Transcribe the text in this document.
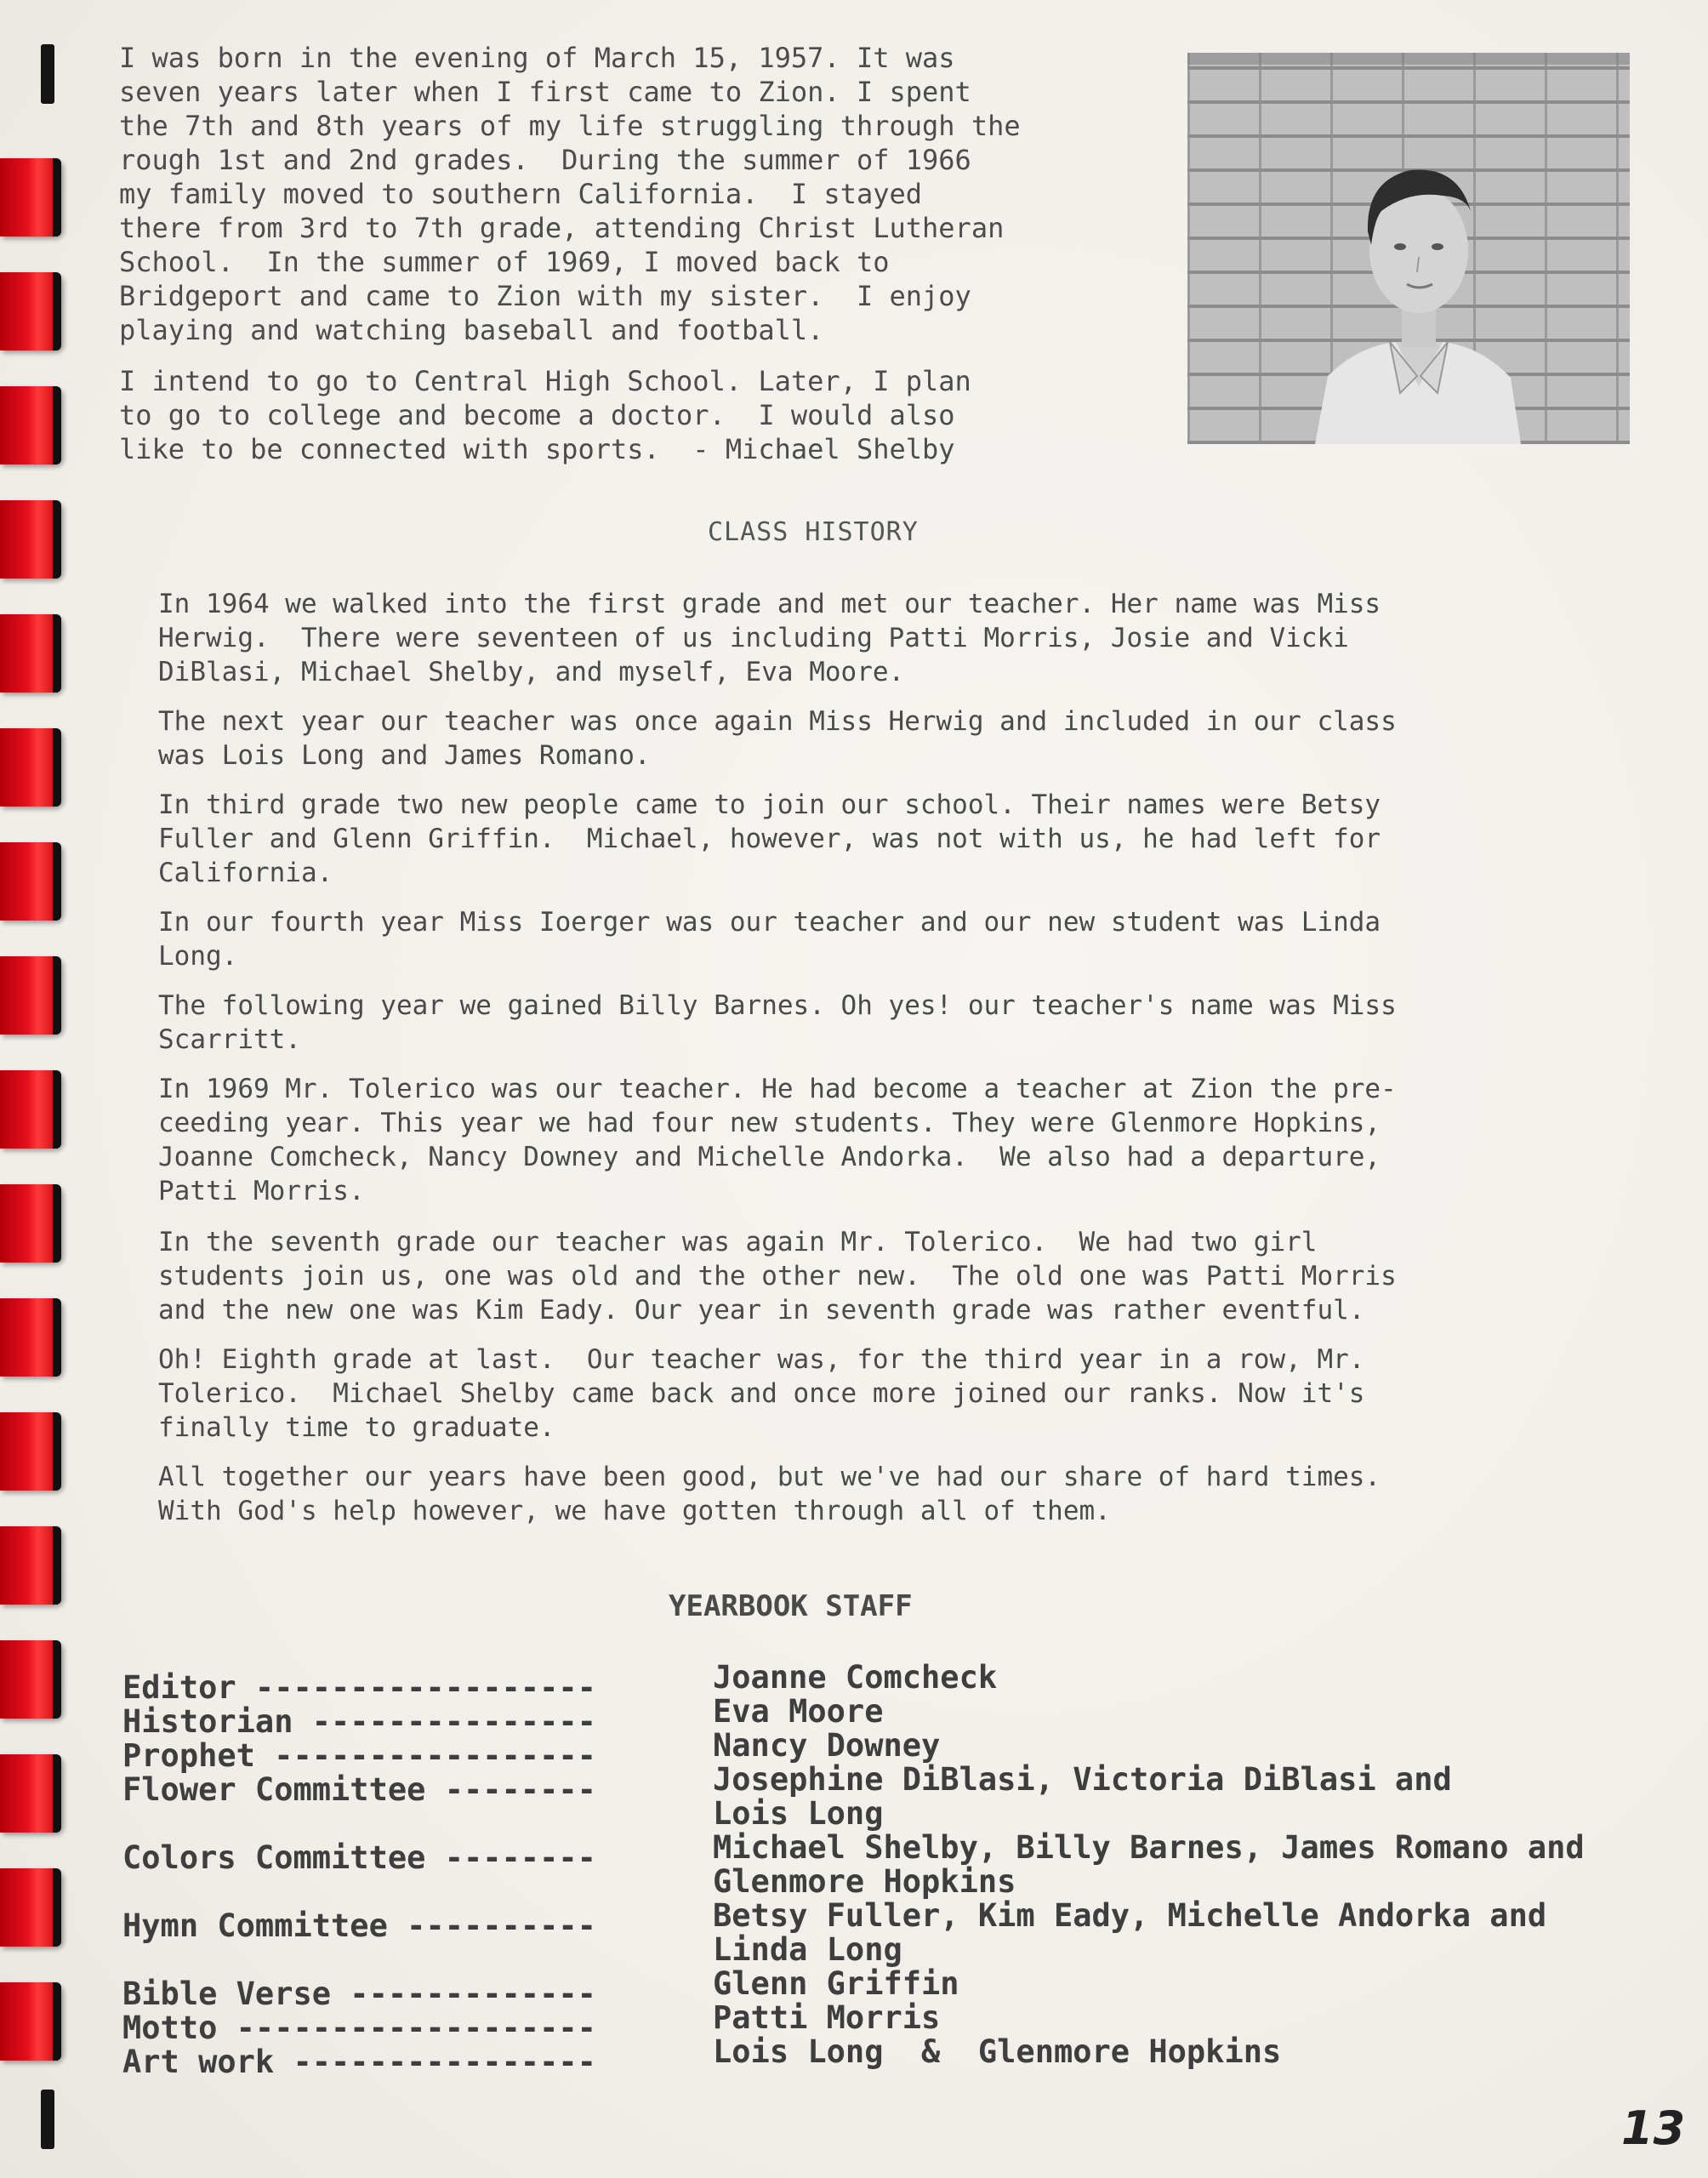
I was born in the evening of March 15, 1957. It was
seven years later when I first came to Zion. I spent
the 7th and 8th years of my life struggling through the
rough 1st and 2nd grades.  During the summer of 1966
my family moved to southern California.  I stayed
there from 3rd to 7th grade, attending Christ Lutheran
School.  In the summer of 1969, I moved back to
Bridgeport and came to Zion with my sister.  I enjoy
playing and watching baseball and football.
I intend to go to Central High School. Later, I plan
to go to college and become a doctor.  I would also
like to be connected with sports.  - Michael Shelby
CLASS HISTORY
In 1964 we walked into the first grade and met our teacher. Her name was Miss
Herwig.  There were seventeen of us including Patti Morris, Josie and Vicki
DiBlasi, Michael Shelby, and myself, Eva Moore.
The next year our teacher was once again Miss Herwig and included in our class
was Lois Long and James Romano.
In third grade two new people came to join our school. Their names were Betsy
Fuller and Glenn Griffin.  Michael, however, was not with us, he had left for
California.
In our fourth year Miss Ioerger was our teacher and our new student was Linda
Long.
The following year we gained Billy Barnes. Oh yes! our teacher's name was Miss
Scarritt.
In 1969 Mr. Tolerico was our teacher. He had become a teacher at Zion the pre-
ceeding year. This year we had four new students. They were Glenmore Hopkins,
Joanne Comcheck, Nancy Downey and Michelle Andorka.  We also had a departure,
Patti Morris.
In the seventh grade our teacher was again Mr. Tolerico.  We had two girl
students join us, one was old and the other new.  The old one was Patti Morris
and the new one was Kim Eady. Our year in seventh grade was rather eventful.
Oh! Eighth grade at last.  Our teacher was, for the third year in a row, Mr.
Tolerico.  Michael Shelby came back and once more joined our ranks. Now it's
finally time to graduate.
All together our years have been good, but we've had our share of hard times.
With God's help however, we have gotten through all of them.
YEARBOOK STAFF
Editor ------------------
Historian ---------------
Prophet -----------------
Flower Committee --------

Colors Committee --------

Hymn Committee ----------

Bible Verse -------------
Motto -------------------
Art work ----------------
Joanne Comcheck
Eva Moore
Nancy Downey
Josephine DiBlasi, Victoria DiBlasi and
Lois Long
Michael Shelby, Billy Barnes, James Romano and
Glenmore Hopkins
Betsy Fuller, Kim Eady, Michelle Andorka and
Linda Long
Glenn Griffin
Patti Morris
Lois Long  &  Glenmore Hopkins
13
